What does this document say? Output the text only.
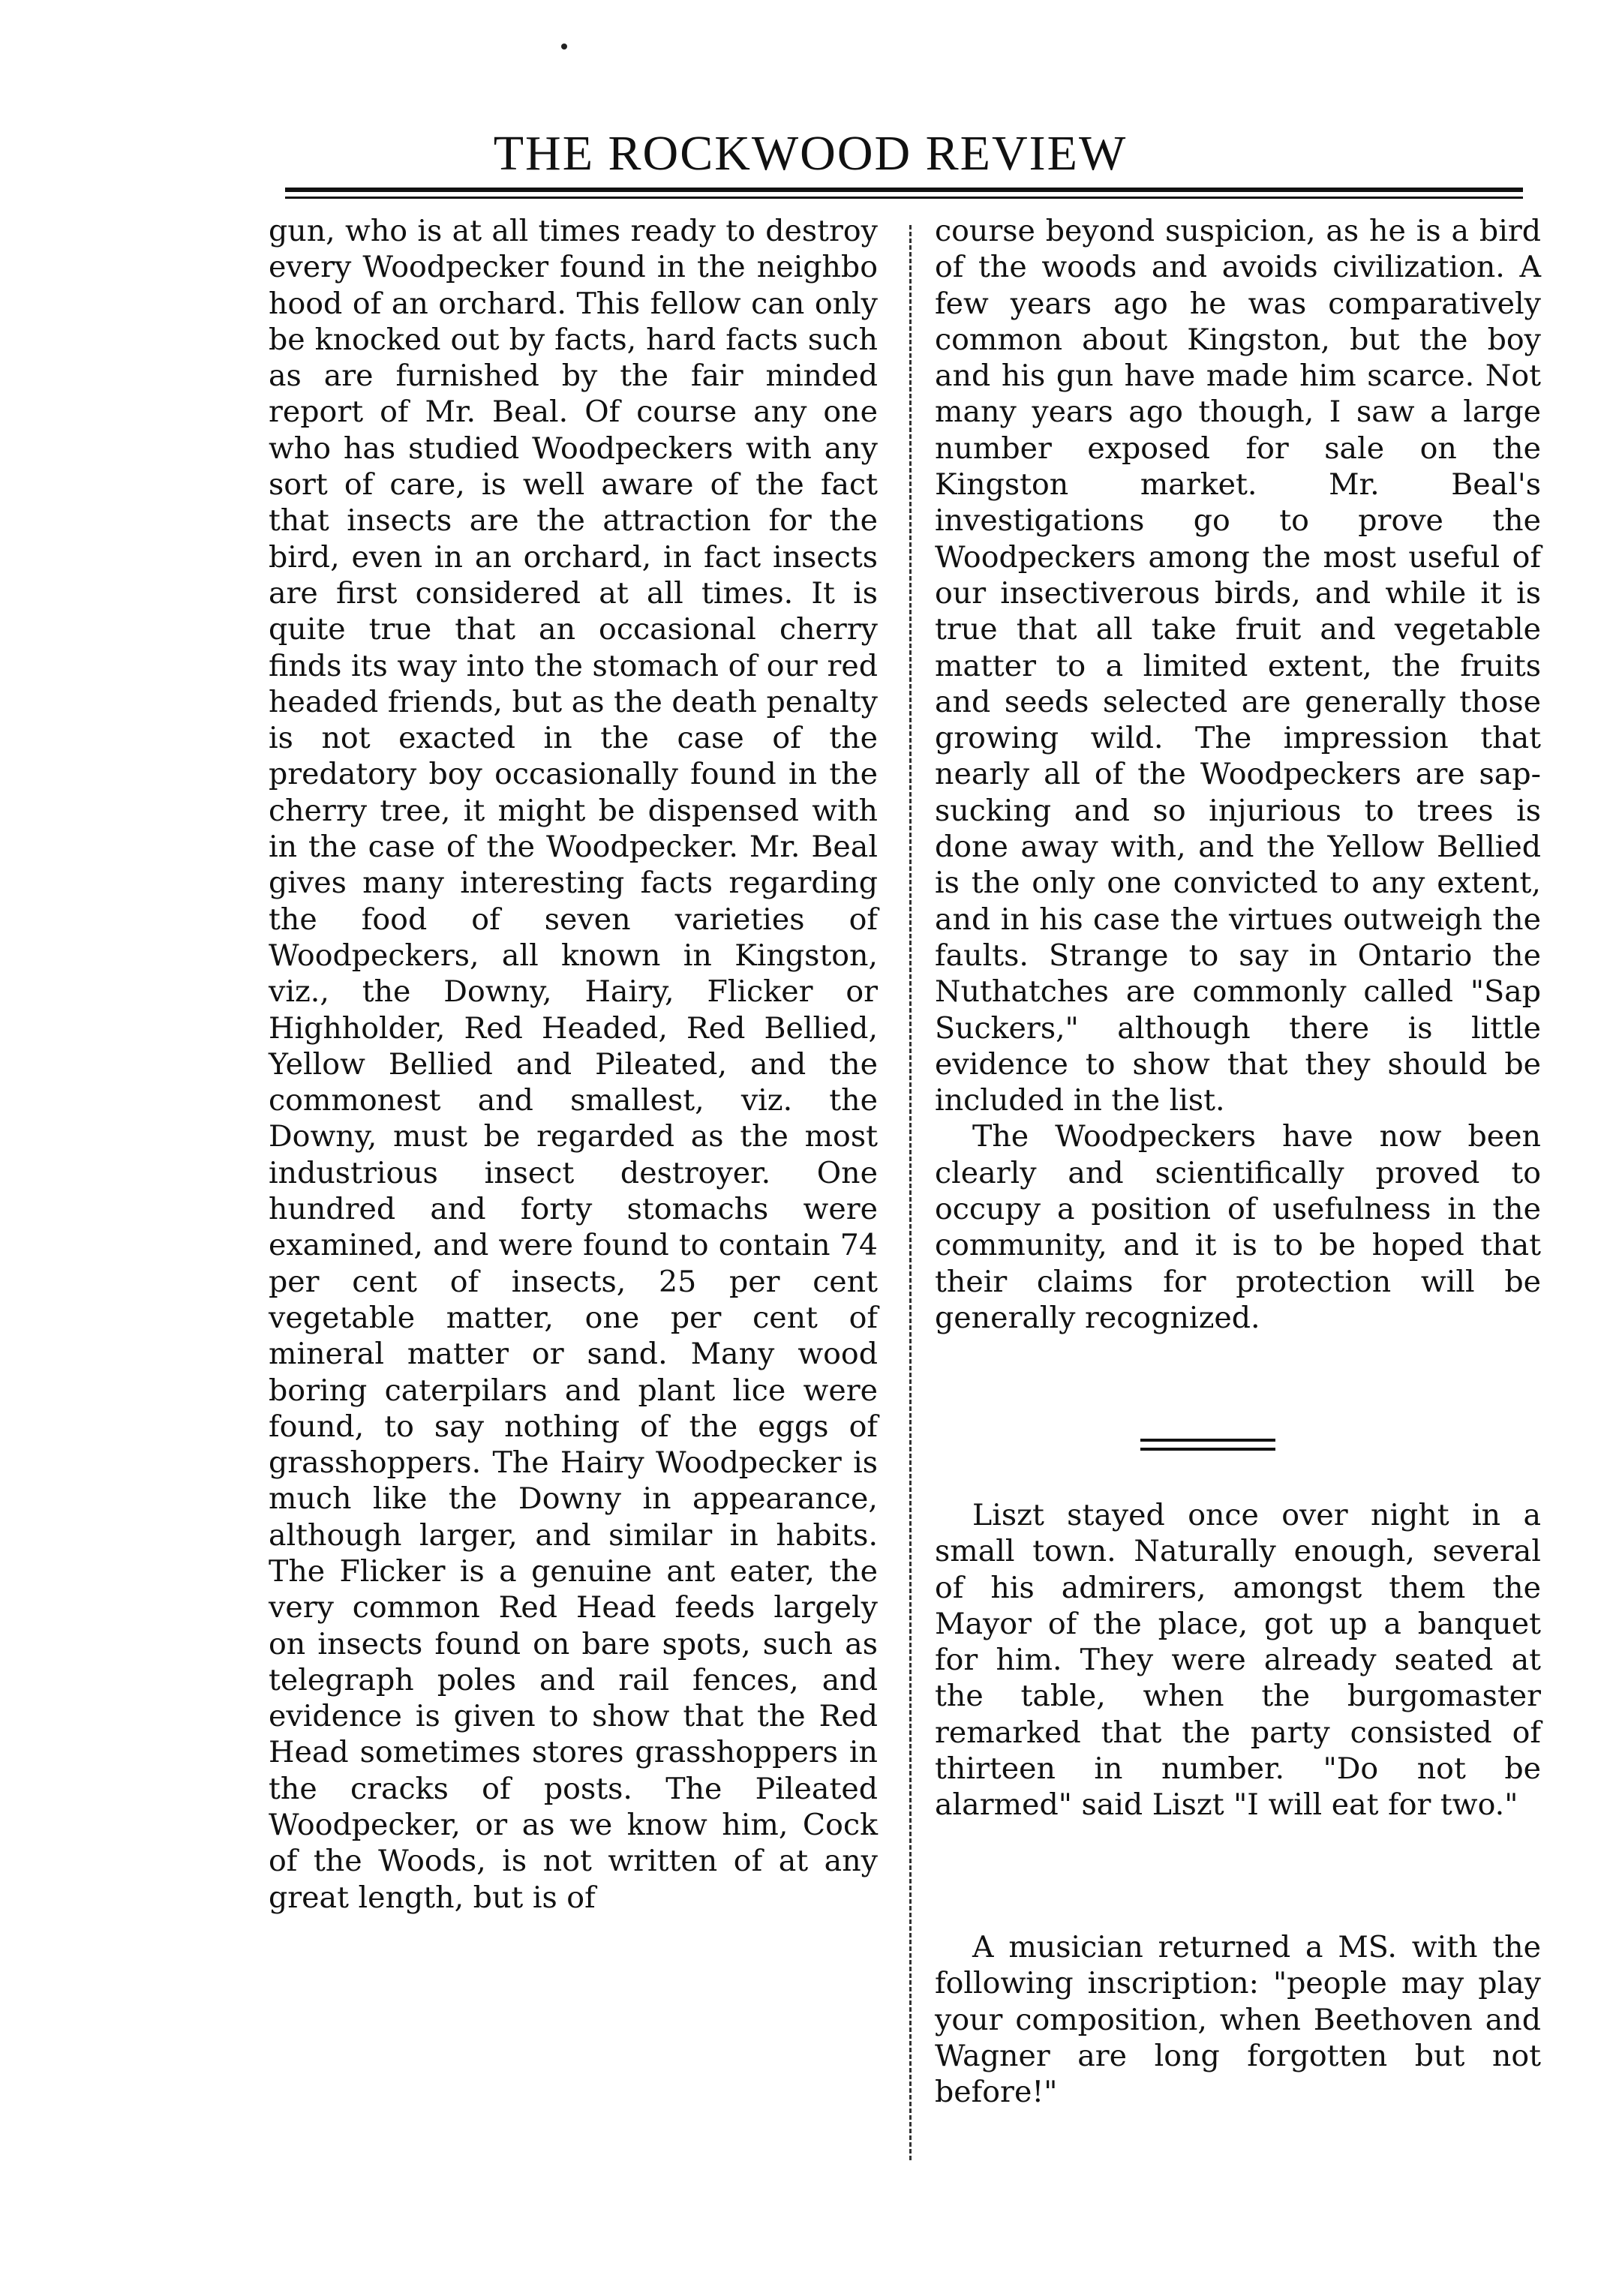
THE ROCKWOOD REVIEW

gun, who is at all times ready to destroy every Woodpecker found in the neighbo hood of an orchard. This fellow can only be knocked out by facts, hard facts such as are furnished by the fair minded report of Mr. Beal. Of course any one who has studied Woodpeckers with any sort of care, is well aware of the fact that insects are the attraction for the bird, even in an orchard, in fact insects are first considered at all times. It is quite true that an occasional cherry finds its way into the stomach of our red headed friends, but as the death penalty is not exacted in the case of the predatory boy occasionally found in the cherry tree, it might be dispensed with in the case of the Woodpecker. Mr. Beal gives many interesting facts regarding the food of seven varieties of Woodpeckers, all known in Kingston, viz., the Downy, Hairy, Flicker or Highholder, Red Headed, Red Bellied, Yellow Bellied and Pileated, and the commonest and smallest, viz. the Downy, must be regarded as the most industrious insect destroyer. One hundred and forty stomachs were examined, and were found to contain 74 per cent of insects, 25 per cent vegetable matter, one per cent of mineral matter or sand. Many wood boring caterpilars and plant lice were found, to say nothing of the eggs of grasshoppers. The Hairy Woodpecker is much like the Downy in appearance, although larger, and similar in habits. The Flicker is a genuine ant eater, the very common Red Head feeds largely on insects found on bare spots, such as telegraph poles and rail fences, and evidence is given to show that the Red Head sometimes stores grasshoppers in the cracks of posts. The Pileated Woodpecker, or as we know him, Cock of the Woods, is not written of at any great length, but is of

course beyond suspicion, as he is a bird of the woods and avoids civilization. A few years ago he was comparatively common about Kingston, but the boy and his gun have made him scarce. Not many years ago though, I saw a large number exposed for sale on the Kingston market. Mr. Beal's investigations go to prove the Woodpeckers among the most useful of our insectiverous birds, and while it is true that all take fruit and vegetable matter to a limited extent, the fruits and seeds selected are generally those growing wild. The impression that nearly all of the Woodpeckers are sap-sucking and so injurious to trees is done away with, and the Yellow Bellied is the only one convicted to any extent, and in his case the virtues outweigh the faults. Strange to say in Ontario the Nuthatches are commonly called "Sap Suckers," although there is little evidence to show that they should be included in the list.

The Woodpeckers have now been clearly and scientifically proved to occupy a position of usefulness in the community, and it is to be hoped that their claims for protection will be generally recognized.

Liszt stayed once over night in a small town. Naturally enough, several of his admirers, amongst them the Mayor of the place, got up a banquet for him. They were already seated at the table, when the burgomaster remarked that the party consisted of thirteen in number. "Do not be alarmed" said Liszt "I will eat for two."
A musician returned a MS. with the following inscription: "people may play your composition, when Beethoven and Wagner are long forgotten but not before!"
